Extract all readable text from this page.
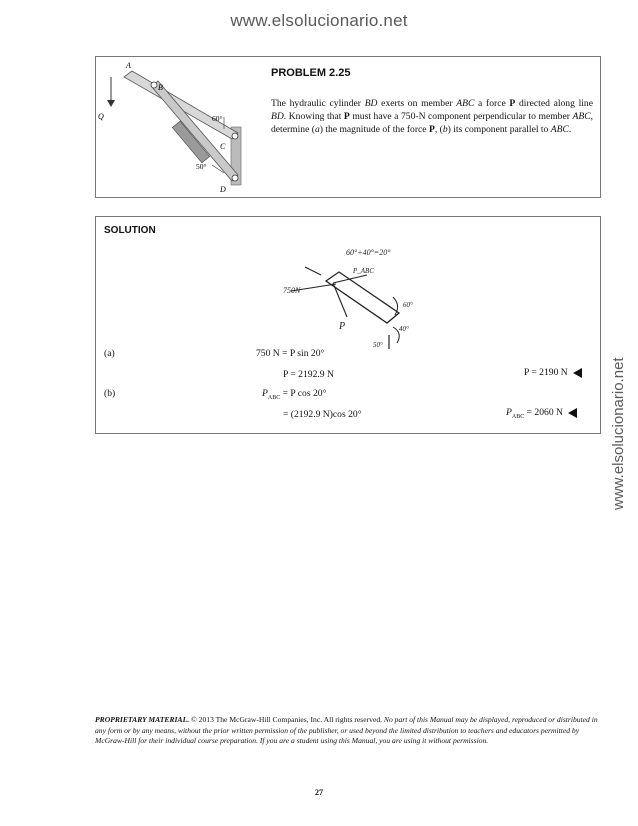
www.elsolucionario.net
www.elsolucionario.net
A
B
C
D
Q	60°
50°
PROBLEM 2.25
The hydraulic cylinder BD exerts on member ABC a force P directed along line BD. Knowing that P must have a 750-N component perpendicular to member ABC, determine (a) the magnitude of the force P, (b) its component parallel to ABC.
SOLUTION
60°+40°=20°
750N
P_ABC
P
60°
40°
50°
(a)	750 N = P sin 20°
P = 2192.9 N	P = 2190 N
(b)	$P_{ABC} = P$ cos 20°
= (2192.9 N)cos 20°	$P_{ABC} = 2060$ N
PROPRIETARY MATERIAL. © 2013 The McGraw-Hill Companies, Inc. All rights reserved. No part of this Manual may be displayed, reproduced or distributed in any form or by any means, without the prior written permission of the publisher, or used beyond the limited distribution to teachers and educators permitted by McGraw-Hill for their individual course preparation. If you are a student using this Manual, you are using it without permission.
27
